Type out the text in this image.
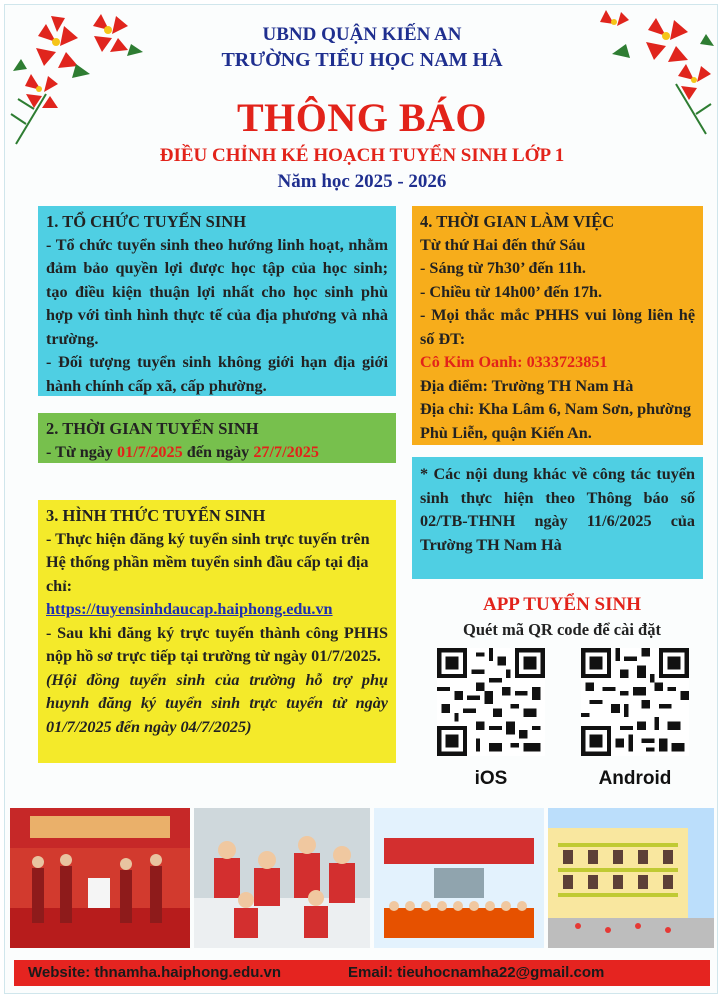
UBND QUẬN KIẾN AN
TRƯỜNG TIỂU HỌC NAM HÀ
THÔNG BÁO
ĐIỀU CHỈNH KÉ HOẠCH TUYỂN SINH LỚP 1
Năm học 2025 - 2026

1. TỔ CHỨC TUYỂN SINH

- Tổ chức tuyển sinh theo hướng linh hoạt, nhằm đảm bảo quyền lợi được học tập của học sinh; tạo điều kiện thuận lợi nhất cho học sinh phù hợp với tình hình thực tế của địa phương và nhà trường.

- Đối tượng tuyển sinh không giới hạn địa giới hành chính cấp xã, cấp phường.

2. THỜI GIAN TUYỂN SINH

- Từ ngày 01/7/2025 đến ngày 27/7/2025

3. HÌNH THỨC TUYỂN SINH

- Thực hiện đăng ký tuyển sinh trực tuyến trên Hệ thống phần mềm tuyển sinh đầu cấp tại địa chỉ:

https://tuyensinhdaucap.haiphong.edu.vn

- Sau khi đăng ký trực tuyến thành công PHHS nộp hồ sơ trực tiếp tại trường từ ngày 01/7/2025.

(Hội đồng tuyển sinh của trường hỗ trợ phụ huynh đăng ký tuyển sinh trực tuyến từ ngày 01/7/2025 đến ngày 04/7/2025)

4. THỜI GIAN LÀM VIỆC

Từ thứ Hai đến thứ Sáu

- Sáng từ 7h30’ đến 11h.

- Chiều từ 14h00’ đến 17h.

- Mọi thắc mắc PHHS vui lòng liên hệ số ĐT:

Cô Kim Oanh: 0333723851

Địa điểm: Trường TH Nam Hà

Địa chỉ: Kha Lâm 6, Nam Sơn, phường Phù Liễn, quận Kiến An.

* Các nội dung khác về công tác tuyển sinh thực hiện theo Thông báo số 02/TB-THNH ngày 11/6/2025 của Trường TH Nam Hà

APP TUYỂN SINH
Quét mã QR code để cài đặt
iOS	Android
Website: thnamha.haiphong.edu.vn	Email: tieuhocnamha22@gmail.com
